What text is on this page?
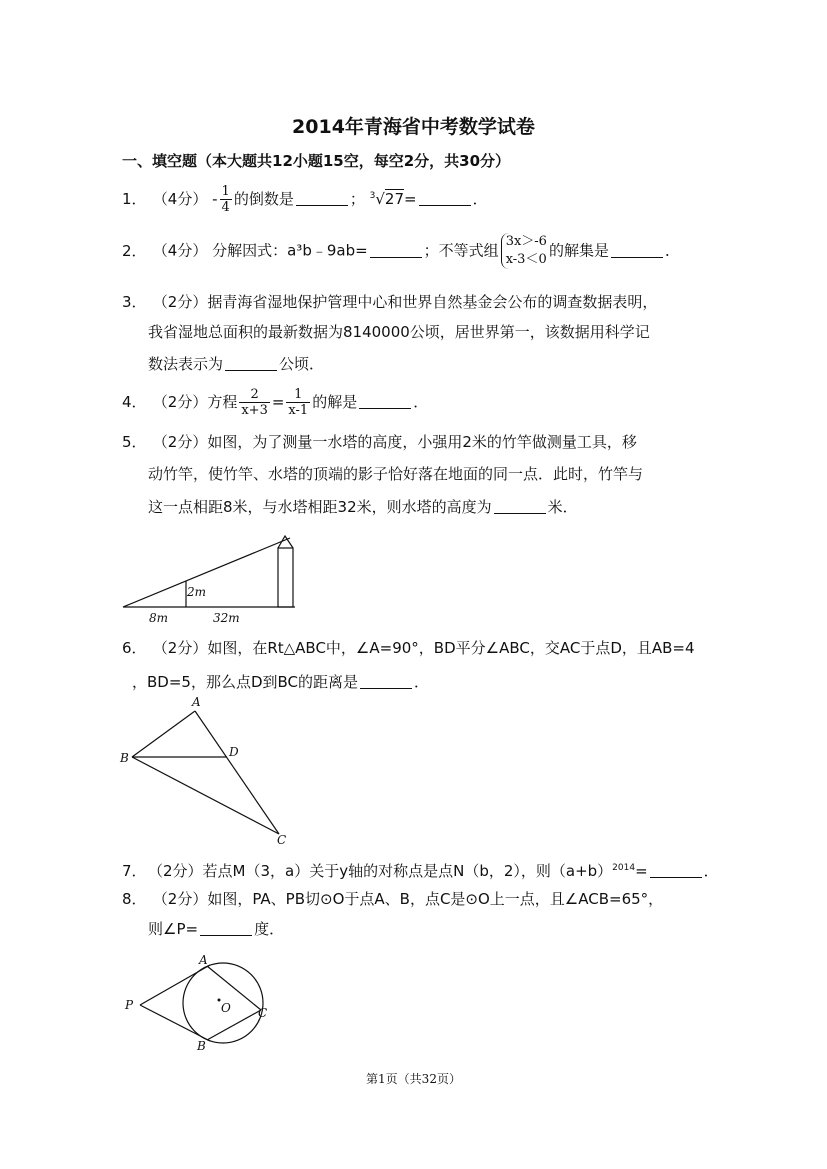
2014年青海省中考数学试卷
一、填空题（本大题共12小题15空，每空2分，共30分）
1． （4分） - $\frac{1}{4}$ 的倒数是	； $^3$√27=	．
2． （4分） 分解因式：a³b﹣9ab=	；不等式组 3x＞-6
x-3＜0 的解集是	．
3． （2分）据青海省湿地保护管理中心和世界自然基金会公布的调查数据表明，
我省湿地总面积的最新数据为8140000公顷，居世界第一，该数据用科学记
数法表示为	公顷．
4． （2分）方程 $\frac{2}{x+3} = \frac{1}{x-1}$ 的解是	．
5． （2分）如图，为了测量一水塔的高度，小强用2米的竹竿做测量工具，移
动竹竿，使竹竿、水塔的顶端的影子恰好落在地面的同一点．此时，竹竿与
这一点相距8米，与水塔相距32米，则水塔的高度为	米．
2m
8m	32m
6． （2分）如图，在Rt△ABC中，∠A=90°，BD平分∠ABC，交AC于点D，且AB=4
，BD=5，那么点D到BC的距离是	．
A
B	D
C
7．（2分）若点M（3，a）关于y轴的对称点是点N（b，2），则$(a+b)^{2014}=$	．
8． （2分）如图，PA、PB切⊙O于点A、B，点C是⊙O上一点，且∠ACB=65°，
则∠P=	度．
A
P	O C
B
第1页（共32页）
